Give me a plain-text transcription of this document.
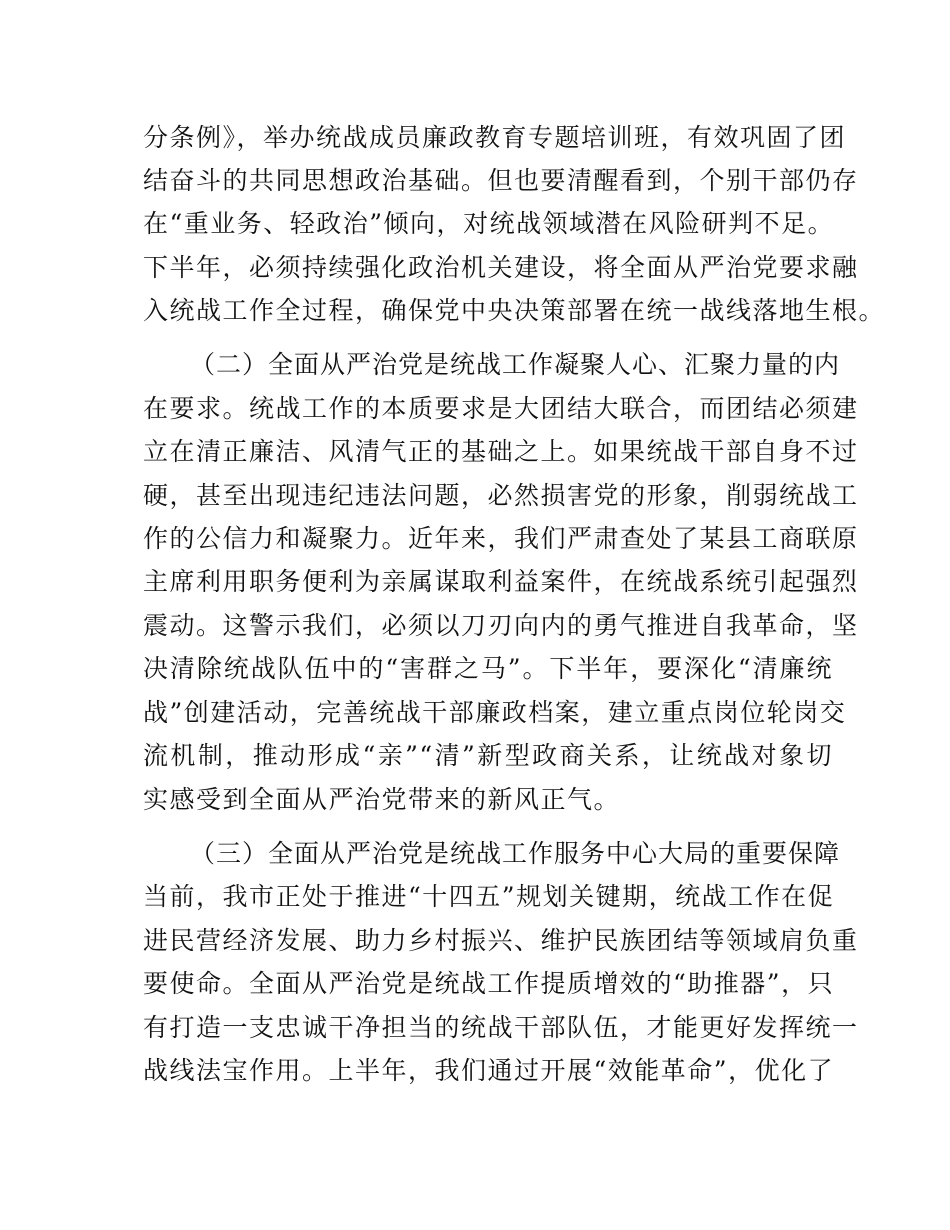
分条例》，举办统战成员廉政教育专题培训班，有效巩固了团
结奋斗的共同思想政治基础。但也要清醒看到，个别干部仍存
在“重业务、轻政治”倾向，对统战领域潜在风险研判不足。
下半年，必须持续强化政治机关建设，将全面从严治党要求融
入统战工作全过程，确保党中央决策部署在统一战线落地生根。
（二）全面从严治党是统战工作凝聚人心、汇聚力量的内
在要求。统战工作的本质要求是大团结大联合，而团结必须建
立在清正廉洁、风清气正的基础之上。如果统战干部自身不过
硬，甚至出现违纪违法问题，必然损害党的形象，削弱统战工
作的公信力和凝聚力。近年来，我们严肃查处了某县工商联原
主席利用职务便利为亲属谋取利益案件，在统战系统引起强烈
震动。这警示我们，必须以刀刃向内的勇气推进自我革命，坚
决清除统战队伍中的“害群之马”。下半年，要深化“清廉统
战”创建活动，完善统战干部廉政档案，建立重点岗位轮岗交
流机制，推动形成“亲”“清”新型政商关系，让统战对象切
实感受到全面从严治党带来的新风正气。
（三）全面从严治党是统战工作服务中心大局的重要保障
当前，我市正处于推进“十四五”规划关键期，统战工作在促
进民营经济发展、助力乡村振兴、维护民族团结等领域肩负重
要使命。全面从严治党是统战工作提质增效的“助推器”，只
有打造一支忠诚干净担当的统战干部队伍，才能更好发挥统一
战线法宝作用。上半年，我们通过开展“效能革命”，优化了
